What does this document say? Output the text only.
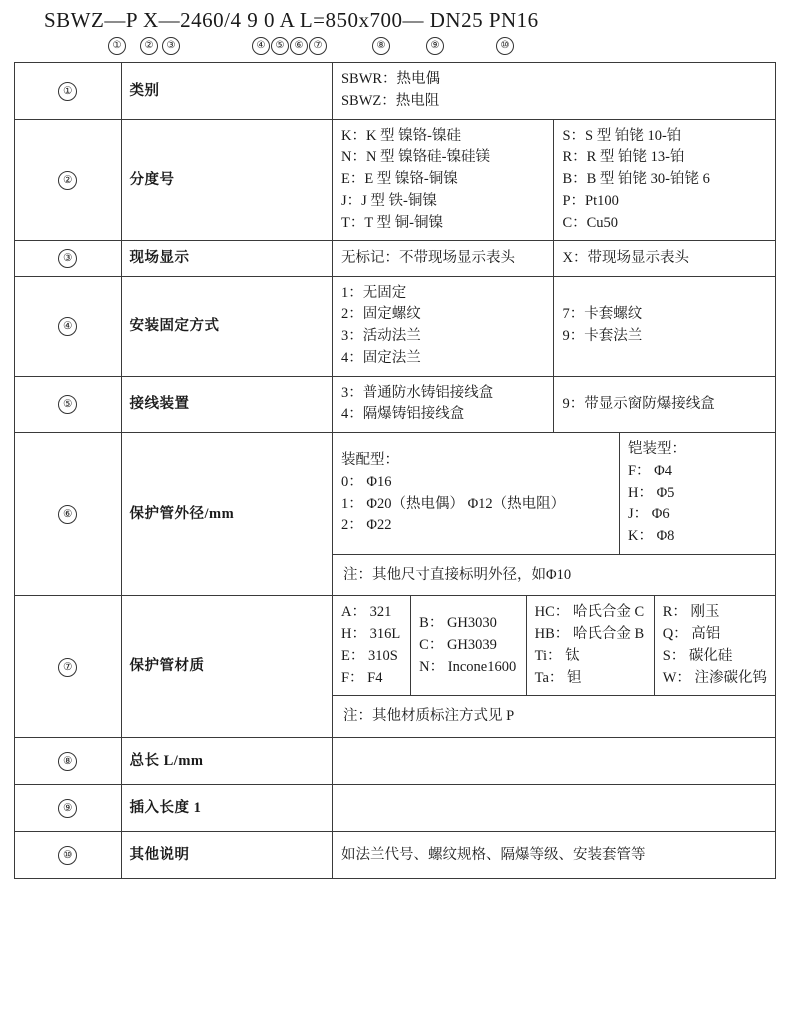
SBWZ—P X—2460/4 9 0 A L=850x700— DN25 PN16
①	②	③	④	⑤	⑥	⑦	⑧	⑨	⑩
①	类别	
SBWR：热电偶
SBWZ：热电阻

②	分度号	
K：K 型 镍铬-镍硅
N：N 型 镍铬硅-镍硅镁
E：E 型 镍铬-铜镍
J：J 型 铁-铜镍
T：T 型 铜-铜镍

S：S 型 铂铑 10-铂
R：R 型 铂铑 13-铂
B：B 型 铂铑 30-铂铑 6
P：Pt100
C：Cu50

③	现场显示	无标记：不带现场显示表头	X：带现场显示表头

④	安装固定方式	
1：无固定
2：固定螺纹
3：活动法兰
4：固定法兰

7：卡套螺纹
9：卡套法兰

⑤	接线装置	
3：普通防水铸铝接线盒
4：隔爆铸铝接线盒

9：带显示窗防爆接线盒

⑥	保护管外径/mm	
装配型：
0： Φ16
1： Φ20（热电偶） Φ12（热电阻）
2： Φ22

铠装型：
F： Φ4
H： Φ5
J： Φ6
K： Φ8

注：其他尺寸直接标明外径，如Φ10

⑦	保护管材质	
A： 321
H： 316L
E： 310S
F： F4

B： GH3030
C： GH3039
N： Incone1600

HC： 哈氏合金 C
HB： 哈氏合金 B
Ti： 钛
Ta： 钽

R： 刚玉
Q： 高铝
S： 碳化硅
W： 注渗碳化钨

注：其他材质标注方式见 P

⑧	总长 L/mm	
⑨	插入长度 1	
⑩	其他说明	如法兰代号、螺纹规格、隔爆等级、安装套管等
